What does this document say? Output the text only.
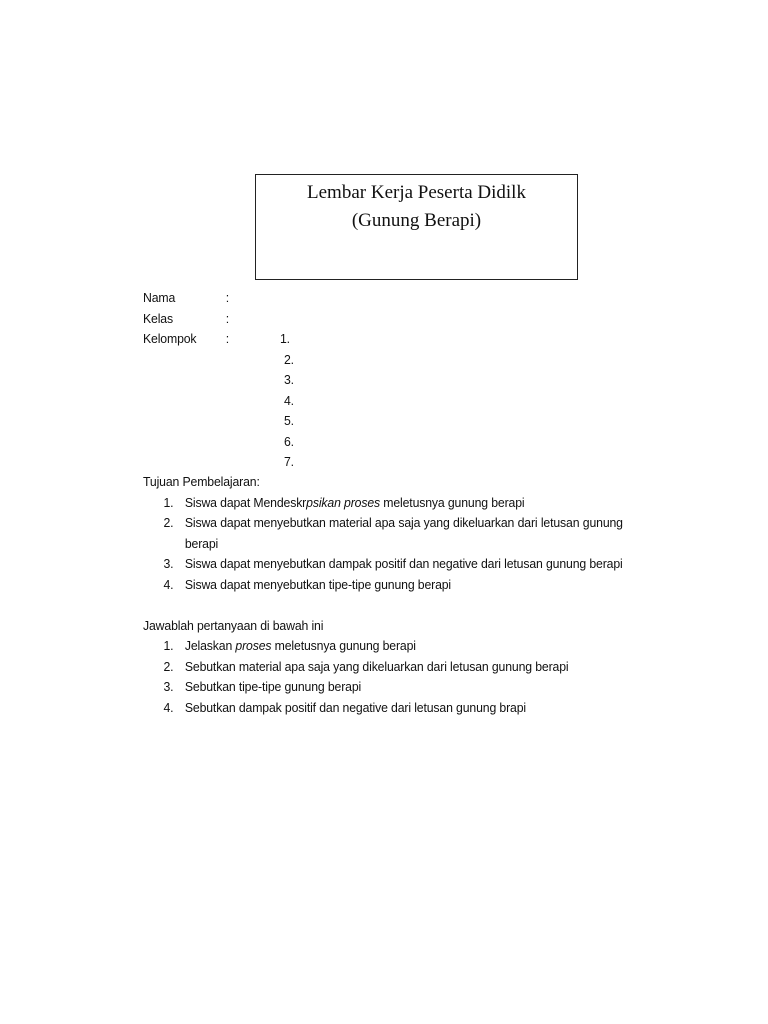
Lembar Kerja Peserta Didilk
(Gunung Berapi)
Nama	:
Kelas	:
Kelompok :	1.
2.
3.
4.
5.
6.
7.
Tujuan Pembelajaran:
1. Siswa dapat Mendeskrpsikan proses meletusnya gunung berapi
2. Siswa dapat menyebutkan material apa saja yang dikeluarkan dari letusan gunung berapi
3. Siswa dapat menyebutkan dampak positif dan negative dari letusan gunung berapi
4. Siswa dapat menyebutkan tipe-tipe gunung berapi
Jawablah pertanyaan di bawah ini
1. Jelaskan proses meletusnya gunung berapi
2. Sebutkan material apa saja yang dikeluarkan dari letusan gunung berapi
3. Sebutkan tipe-tipe gunung berapi
4. Sebutkan dampak positif dan negative dari letusan gunung brapi
